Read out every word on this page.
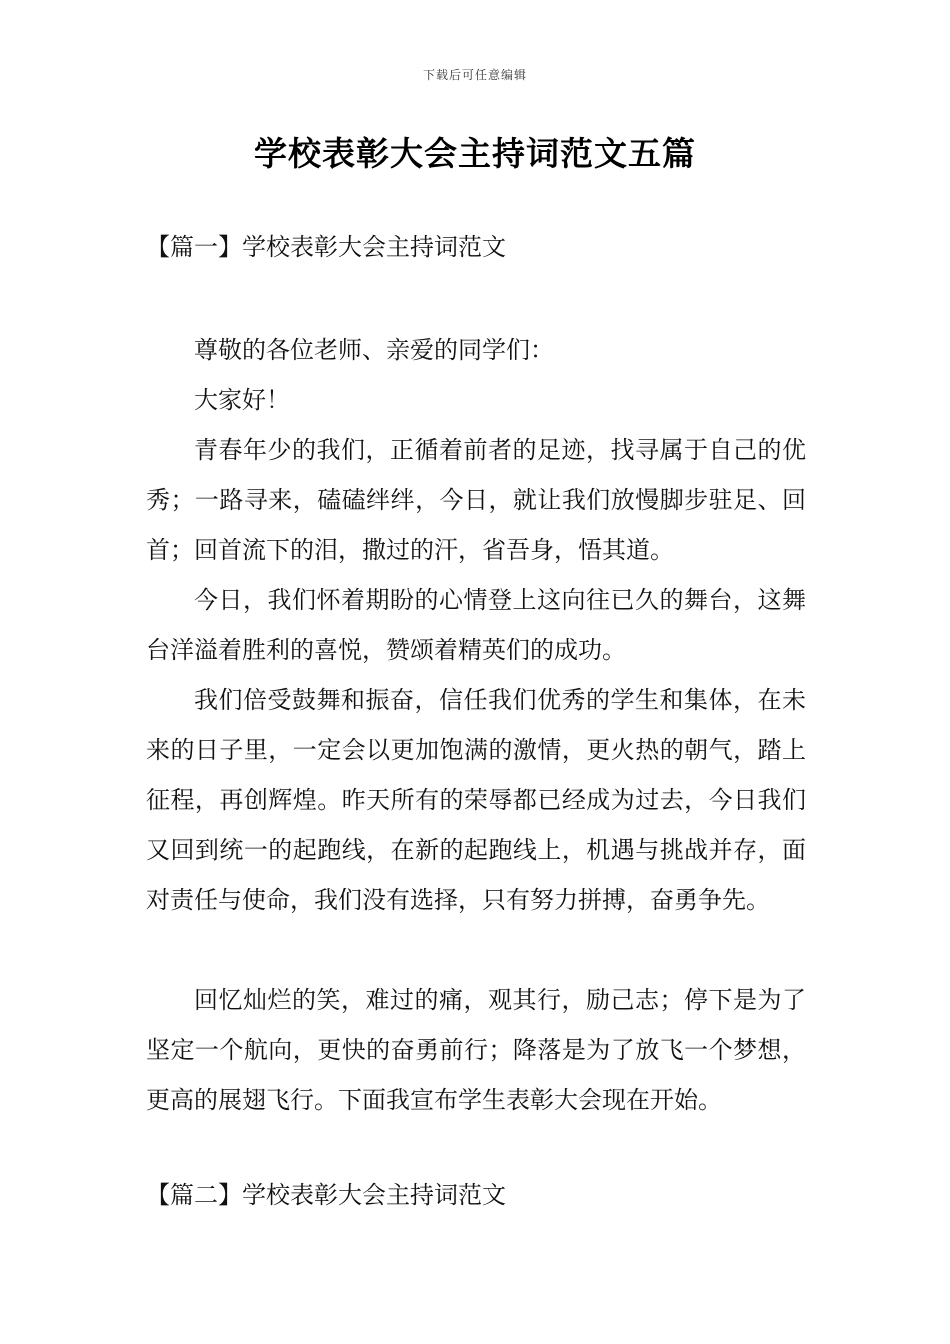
下载后可任意编辑
学校表彰大会主持词范文五篇
【篇一】学校表彰大会主持词范文

尊敬的各位老师、亲爱的同学们：

大家好！

青春年少的我们，正循着前者的足迹，找寻属于自己的优秀；一路寻来，磕磕绊绊，今日，就让我们放慢脚步驻足、回首；回首流下的泪，撒过的汗，省吾身，悟其道。

今日，我们怀着期盼的心情登上这向往已久的舞台，这舞台洋溢着胜利的喜悦，赞颂着精英们的成功。

我们倍受鼓舞和振奋，信任我们优秀的学生和集体，在未来的日子里，一定会以更加饱满的激情，更火热的朝气，踏上征程，再创辉煌。昨天所有的荣辱都已经成为过去，今日我们又回到统一的起跑线，在新的起跑线上，机遇与挑战并存，面对责任与使命，我们没有选择，只有努力拼搏，奋勇争先。

回忆灿烂的笑，难过的痛，观其行，励己志；停下是为了坚定一个航向，更快的奋勇前行；降落是为了放飞一个梦想，更高的展翅飞行。下面我宣布学生表彰大会现在开始。

【篇二】学校表彰大会主持词范文
